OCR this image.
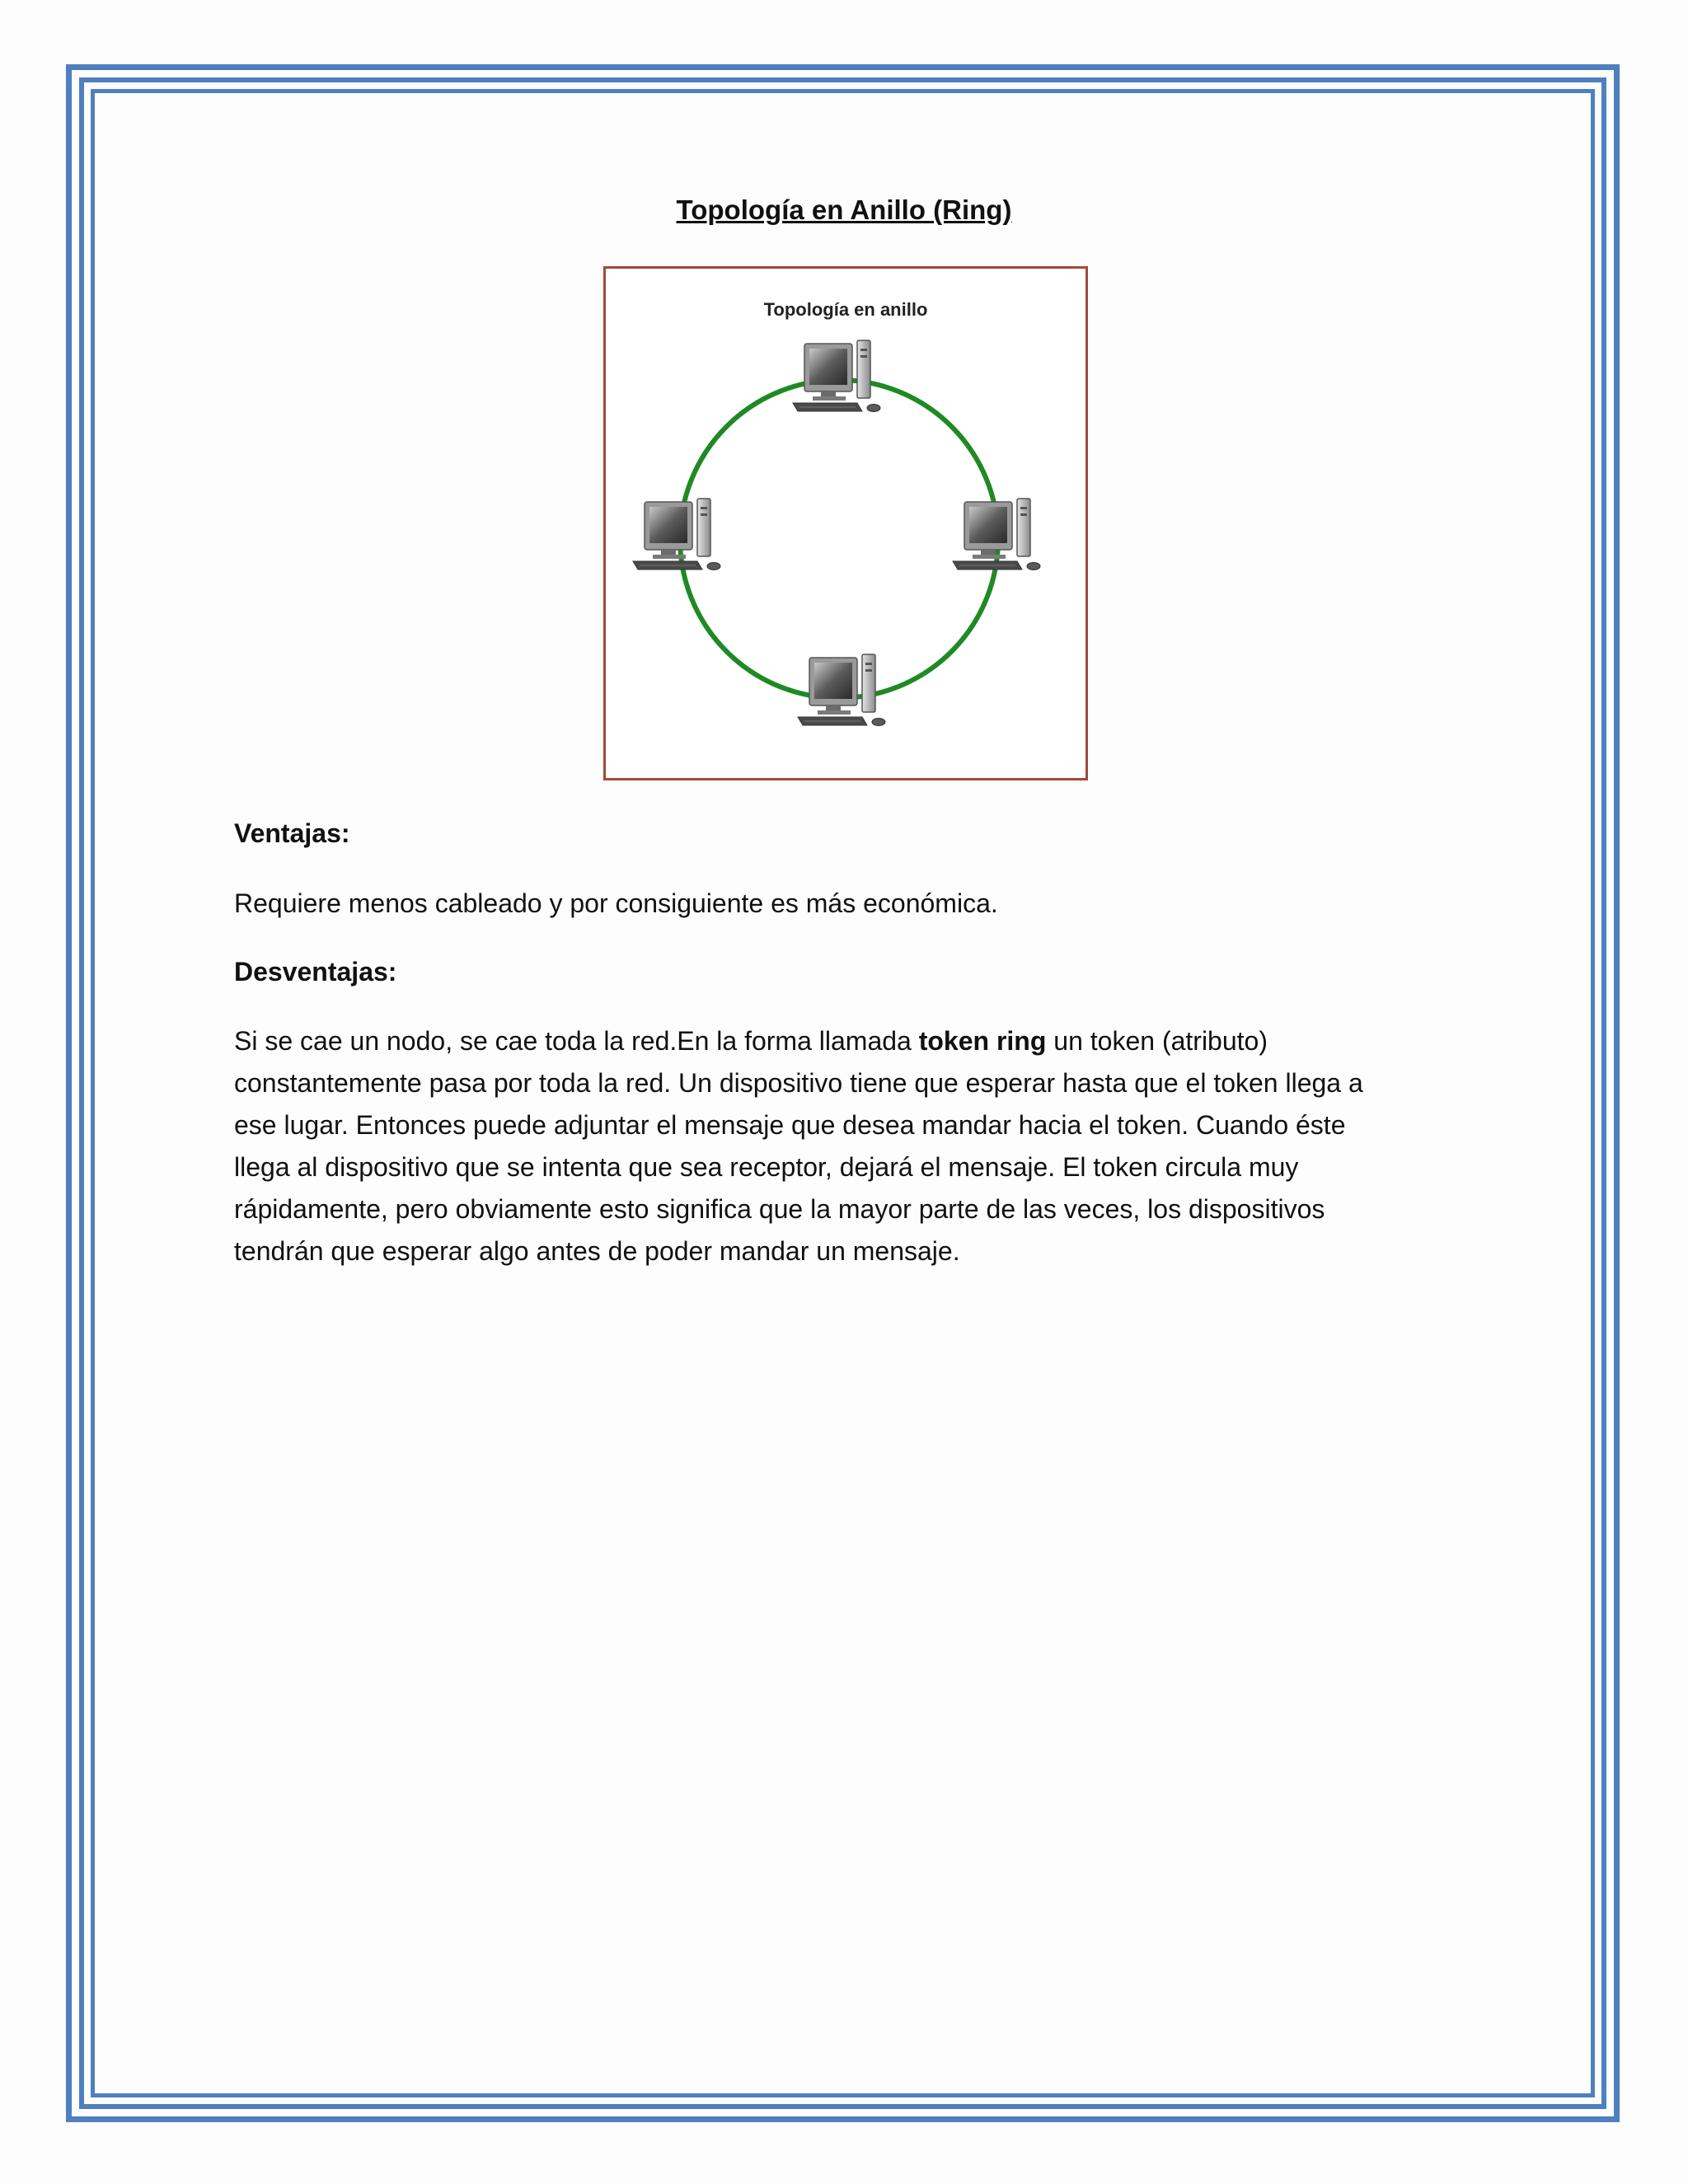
Topología en Anillo (Ring)
Topología en anillo
Ventajas:
Requiere menos cableado y por consiguiente es más económica.
Desventajas:
Si se cae un nodo, se cae toda la red.En la forma llamada token ring un token (atributo)
constantemente pasa por toda la red. Un dispositivo tiene que esperar hasta que el token llega a
ese lugar. Entonces puede adjuntar el mensaje que desea mandar hacia el token. Cuando éste
llega al dispositivo que se intenta que sea receptor, dejará el mensaje. El token circula muy
rápidamente, pero obviamente esto significa que la mayor parte de las veces, los dispositivos
tendrán que esperar algo antes de poder mandar un mensaje.
